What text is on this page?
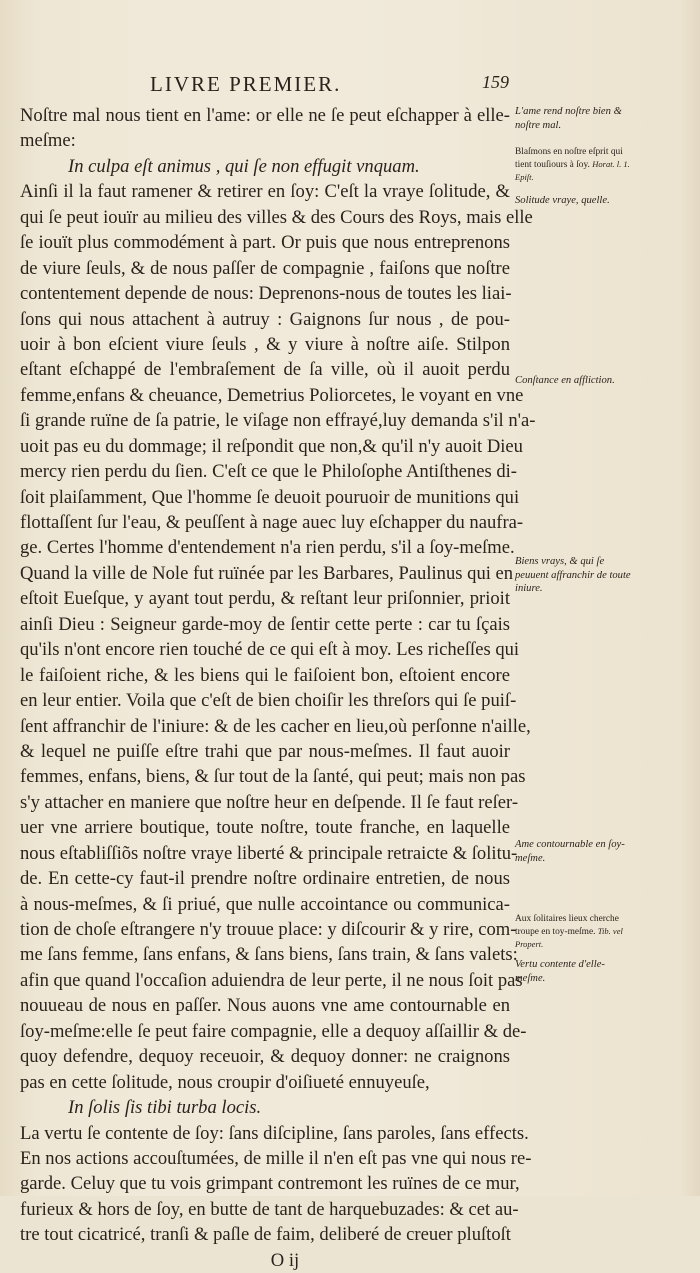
LIVRE PREMIER.	159
Noſtre mal nous tient en l'ame: or elle ne ſe peut eſchapper à elle-
meſme:
In culpa eſt animus , qui ſe non effugit vnquam.
Ainſi il la faut ramener & retirer en ſoy: C'eſt la vraye ſolitude, &
qui ſe peut iouïr au milieu des villes & des Cours des Roys, mais elle
ſe iouït plus commodément à part. Or puis que nous entreprenons
de viure ſeuls, & de nous paſſer de compagnie , faiſons que noſtre
contentement depende de nous: Deprenons-nous de toutes les liai-
ſons qui nous attachent à autruy : Gaignons ſur nous , de pou-
uoir à bon eſcient viure ſeuls , & y viure à noſtre aiſe. Stilpon
eſtant eſchappé de l'embraſement de ſa ville, où il auoit perdu
femme,enfans & cheuance, Demetrius Poliorcetes, le voyant en vne
ſi grande ruïne de ſa patrie, le viſage non effrayé,luy demanda s'il n'a-
uoit pas eu du dommage; il reſpondit que non,& qu'il n'y auoit Dieu
mercy rien perdu du ſien. C'eſt ce que le Philoſophe Antiſthenes di-
ſoit plaiſamment, Que l'homme ſe deuoit pouruoir de munitions qui
flottaſſent ſur l'eau, & peuſſent à nage auec luy eſchapper du naufra-
ge. Certes l'homme d'entendement n'a rien perdu, s'il a ſoy-meſme.
Quand la ville de Nole fut ruïnée par les Barbares, Paulinus qui en
eſtoit Eueſque, y ayant tout perdu, & reſtant leur priſonnier, prioit
ainſi Dieu : Seigneur garde-moy de ſentir cette perte : car tu ſçais
qu'ils n'ont encore rien touché de ce qui eſt à moy. Les richeſſes qui
le faiſoient riche, & les biens qui le faiſoient bon, eſtoient encore
en leur entier. Voila que c'eſt de bien choiſir les threſors qui ſe puiſ-
ſent affranchir de l'iniure: & de les cacher en lieu,où perſonne n'aille,
& lequel ne puiſſe eſtre trahi que par nous-meſmes. Il faut auoir
femmes, enfans, biens, & ſur tout de la ſanté, qui peut; mais non pas
s'y attacher en maniere que noſtre heur en deſpende. Il ſe faut reſer-
uer vne arriere boutique, toute noſtre, toute franche, en laquelle
nous eſtabliſſiõs noſtre vraye liberté & principale retraicte & ſolitu-
de. En cette-cy faut-il prendre noſtre ordinaire entretien, de nous
à nous-meſmes, & ſi priué, que nulle accointance ou communica-
tion de choſe eſtrangere n'y trouue place: y diſcourir & y rire, com-
me ſans femme, ſans enfans, & ſans biens, ſans train, & ſans valets:
afin que quand l'occaſion aduiendra de leur perte, il ne nous ſoit pas
nouueau de nous en paſſer. Nous auons vne ame contournable en
ſoy-meſme:elle ſe peut faire compagnie, elle a dequoy aſſaillir & de-
quoy defendre, dequoy receuoir, & dequoy donner: ne craignons
pas en cette ſolitude, nous croupir d'oiſiueté ennuyeuſe,
In ſolis ſis tibi turba locis.
La vertu ſe contente de ſoy: ſans diſcipline, ſans paroles, ſans effects.
En nos actions accouſtumées, de mille il n'en eſt pas vne qui nous re-
garde. Celuy que tu vois grimpant contremont les ruïnes de ce mur,
furieux & hors de ſoy, en butte de tant de harquebuzades: & cet au-
tre tout cicatricé, tranſi & paſle de faim, deliberé de creuer pluſtoſt
O ij
L'ame rend noſtre bien & noſtre mal.
Blaſmons en noſtre eſprit qui tient touſiours à ſoy. Horat. l. 1. Epiſt.
Solitude vraye, quelle.
Conſtance en affliction.
Biens vrays, & qui ſe peuuent affranchir de toute iniure.
Ame contournable en ſoy-meſme.
Aux ſolitaires lieux cherche troupe en toy-meſme. Tib. vel Propert.
Vertu contente d'elle-meſme.
